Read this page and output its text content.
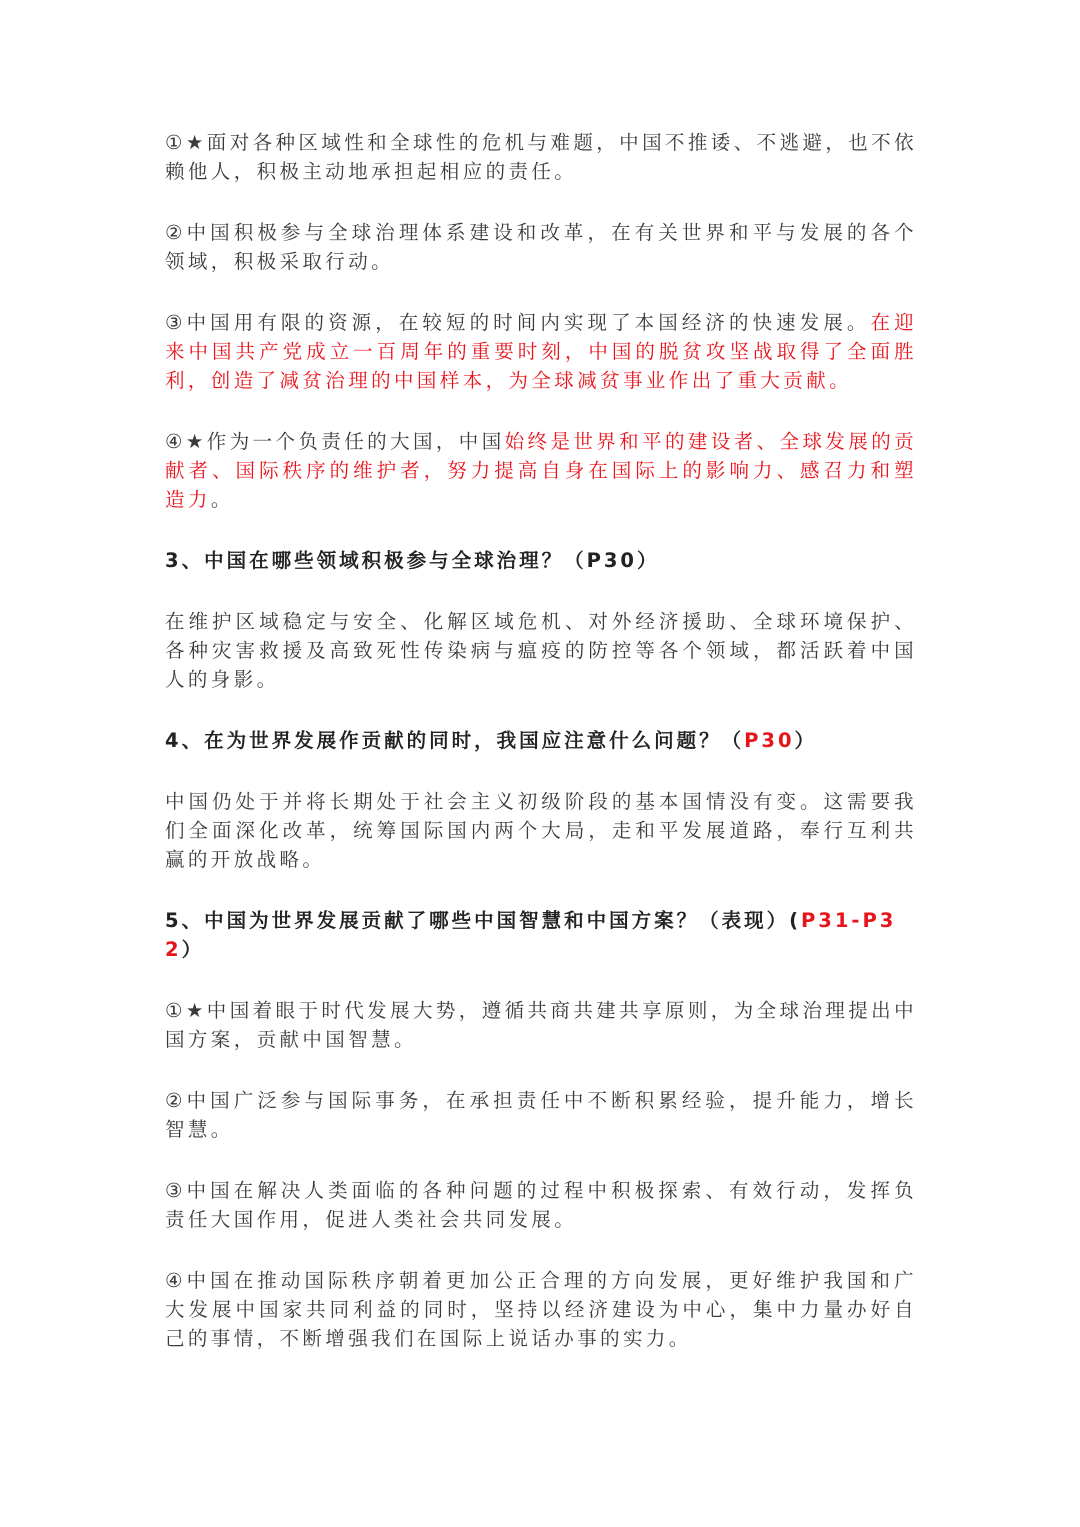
①★面对各种区域性和全球性的危机与难题，中国不推诿、不逃避，也不依赖他人，积极主动地承担起相应的责任。

②中国积极参与全球治理体系建设和改革，在有关世界和平与发展的各个领域，积极采取行动。

③中国用有限的资源，在较短的时间内实现了本国经济的快速发展。在迎来中国共产党成立一百周年的重要时刻，中国的脱贫攻坚战取得了全面胜利，创造了减贫治理的中国样本，为全球减贫事业作出了重大贡献。

④★作为一个负责任的大国，中国始终是世界和平的建设者、全球发展的贡献者、国际秩序的维护者，努力提高自身在国际上的影响力、感召力和塑造力。

3、中国在哪些领域积极参与全球治理？（P30）

在维护区域稳定与安全、化解区域危机、对外经济援助、全球环境保护、各种灾害救援及高致死性传染病与瘟疫的防控等各个领域，都活跃着中国人的身影。

4、在为世界发展作贡献的同时，我国应注意什么问题？（P30）

中国仍处于并将长期处于社会主义初级阶段的基本国情没有变。这需要我们全面深化改革，统筹国际国内两个大局，走和平发展道路，奉行互利共赢的开放战略。

5、中国为世界发展贡献了哪些中国智慧和中国方案？（表现）(P31-P32）

①★中国着眼于时代发展大势，遵循共商共建共享原则，为全球治理提出中国方案，贡献中国智慧。

②中国广泛参与国际事务，在承担责任中不断积累经验，提升能力，增长智慧。

③中国在解决人类面临的各种问题的过程中积极探索、有效行动，发挥负责任大国作用，促进人类社会共同发展。

④中国在推动国际秩序朝着更加公正合理的方向发展，更好维护我国和广大发展中国家共同利益的同时，坚持以经济建设为中心，集中力量办好自己的事情，不断增强我们在国际上说话办事的实力。
